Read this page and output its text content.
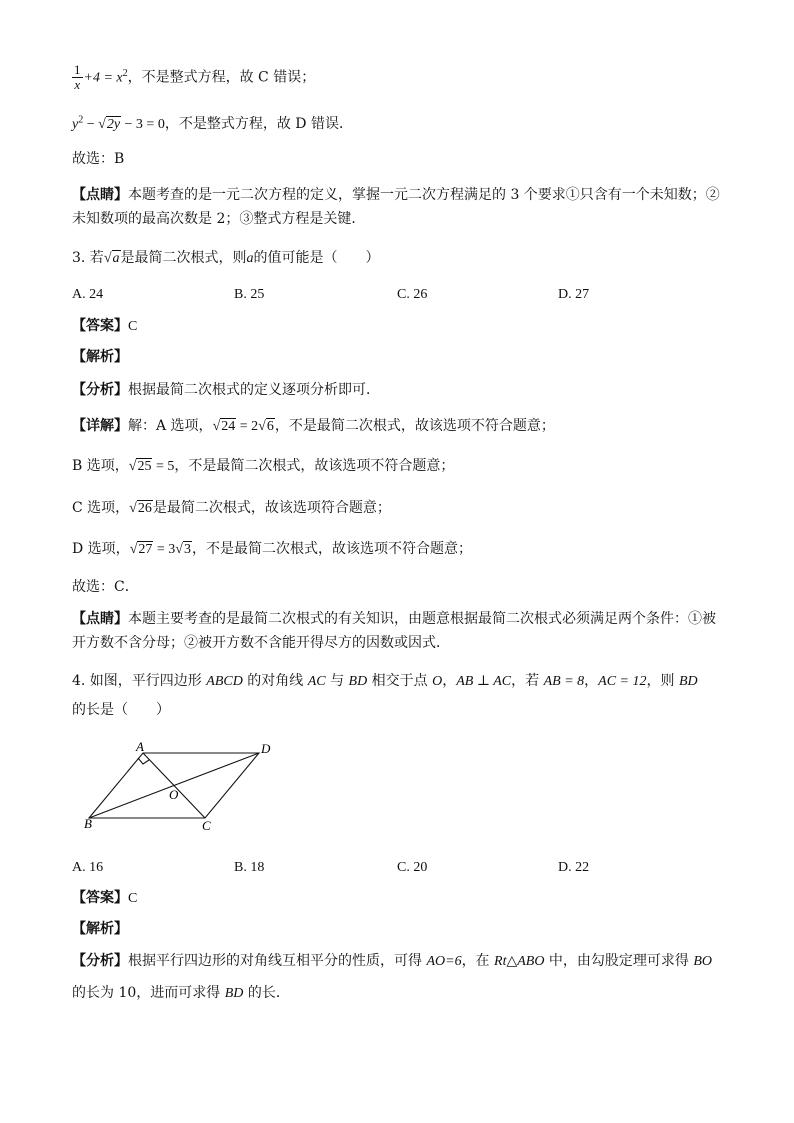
$\frac{1}{x} +4 = x^2$，不是整式方程，故 C 错误；
$y^2 - √2y - 3 = 0$，不是整式方程，故 D 错误．
故选：B
【点睛】本题考查的是一元二次方程的定义，掌握一元二次方程满足的 3 个要求①只含有一个未知数；②未知数项的最高次数是 2；③整式方程是关键．
3. 若√a是最简二次根式，则a的值可能是（　　）
A. 24	B. 25	C. 26	D. 27
【答案】C
【解析】
【分析】根据最简二次根式的定义逐项分析即可．
【详解】解：A 选项，√24 = 2√6，不是最简二次根式，故该选项不符合题意；
B 选项，√25 = 5，不是最简二次根式，故该选项不符合题意；
C 选项，√26是最简二次根式，故该选项符合题意；
D 选项，√27 = 3√3，不是最简二次根式，故该选项不符合题意；
故选：C．
【点睛】本题主要考查的是最简二次根式的有关知识，由题意根据最简二次根式必须满足两个条件：①被开方数不含分母；②被开方数不含能开得尽方的因数或因式．
4. 如图，平行四边形 ABCD 的对角线 AC 与 BD 相交于点 O，AB ⊥ AC，若 AB = 8，AC = 12，则 BD
的长是（　　）
A	D
O
B	C
A. 16	B. 18	C. 20	D. 22
【答案】C
【解析】
【分析】根据平行四边形的对角线互相平分的性质，可得 AO=6，在 Rt△ABO 中，由勾股定理可求得 BO
的长为 10，进而可求得 BD 的长．
